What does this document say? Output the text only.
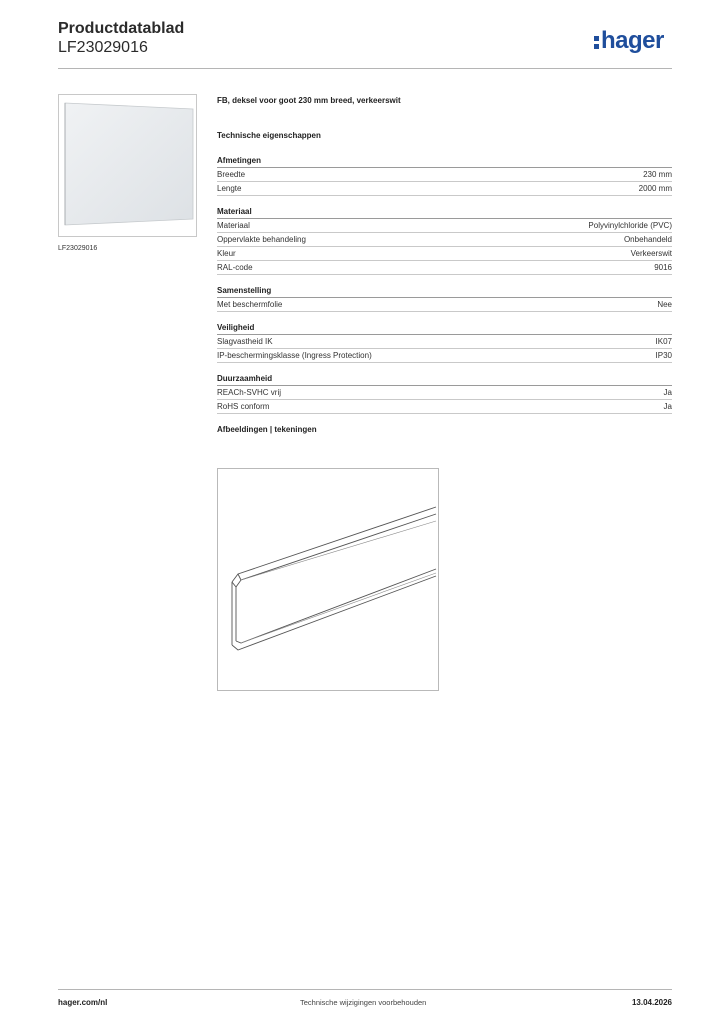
Productdatablad
LF23029016	hager
LF23029016
FB, deksel voor goot 230 mm breed, verkeerswit
Technische eigenschappen
Afmetingen
Breedte	230 mm
Lengte	2000 mm
Materiaal
Materiaal	Polyvinylchloride (PVC)
Oppervlakte behandeling	Onbehandeld
Kleur	Verkeerswit
RAL-code	9016
Samenstelling
Met beschermfolie	Nee
Veiligheid
Slagvastheid IK	IK07
IP-beschermingsklasse (Ingress Protection)	IP30
Duurzaamheid
REACh-SVHC vrij	Ja
RoHS conform	Ja
Afbeeldingen | tekeningen
hager.com/nl	Technische wijzigingen voorbehouden	13.04.2026
